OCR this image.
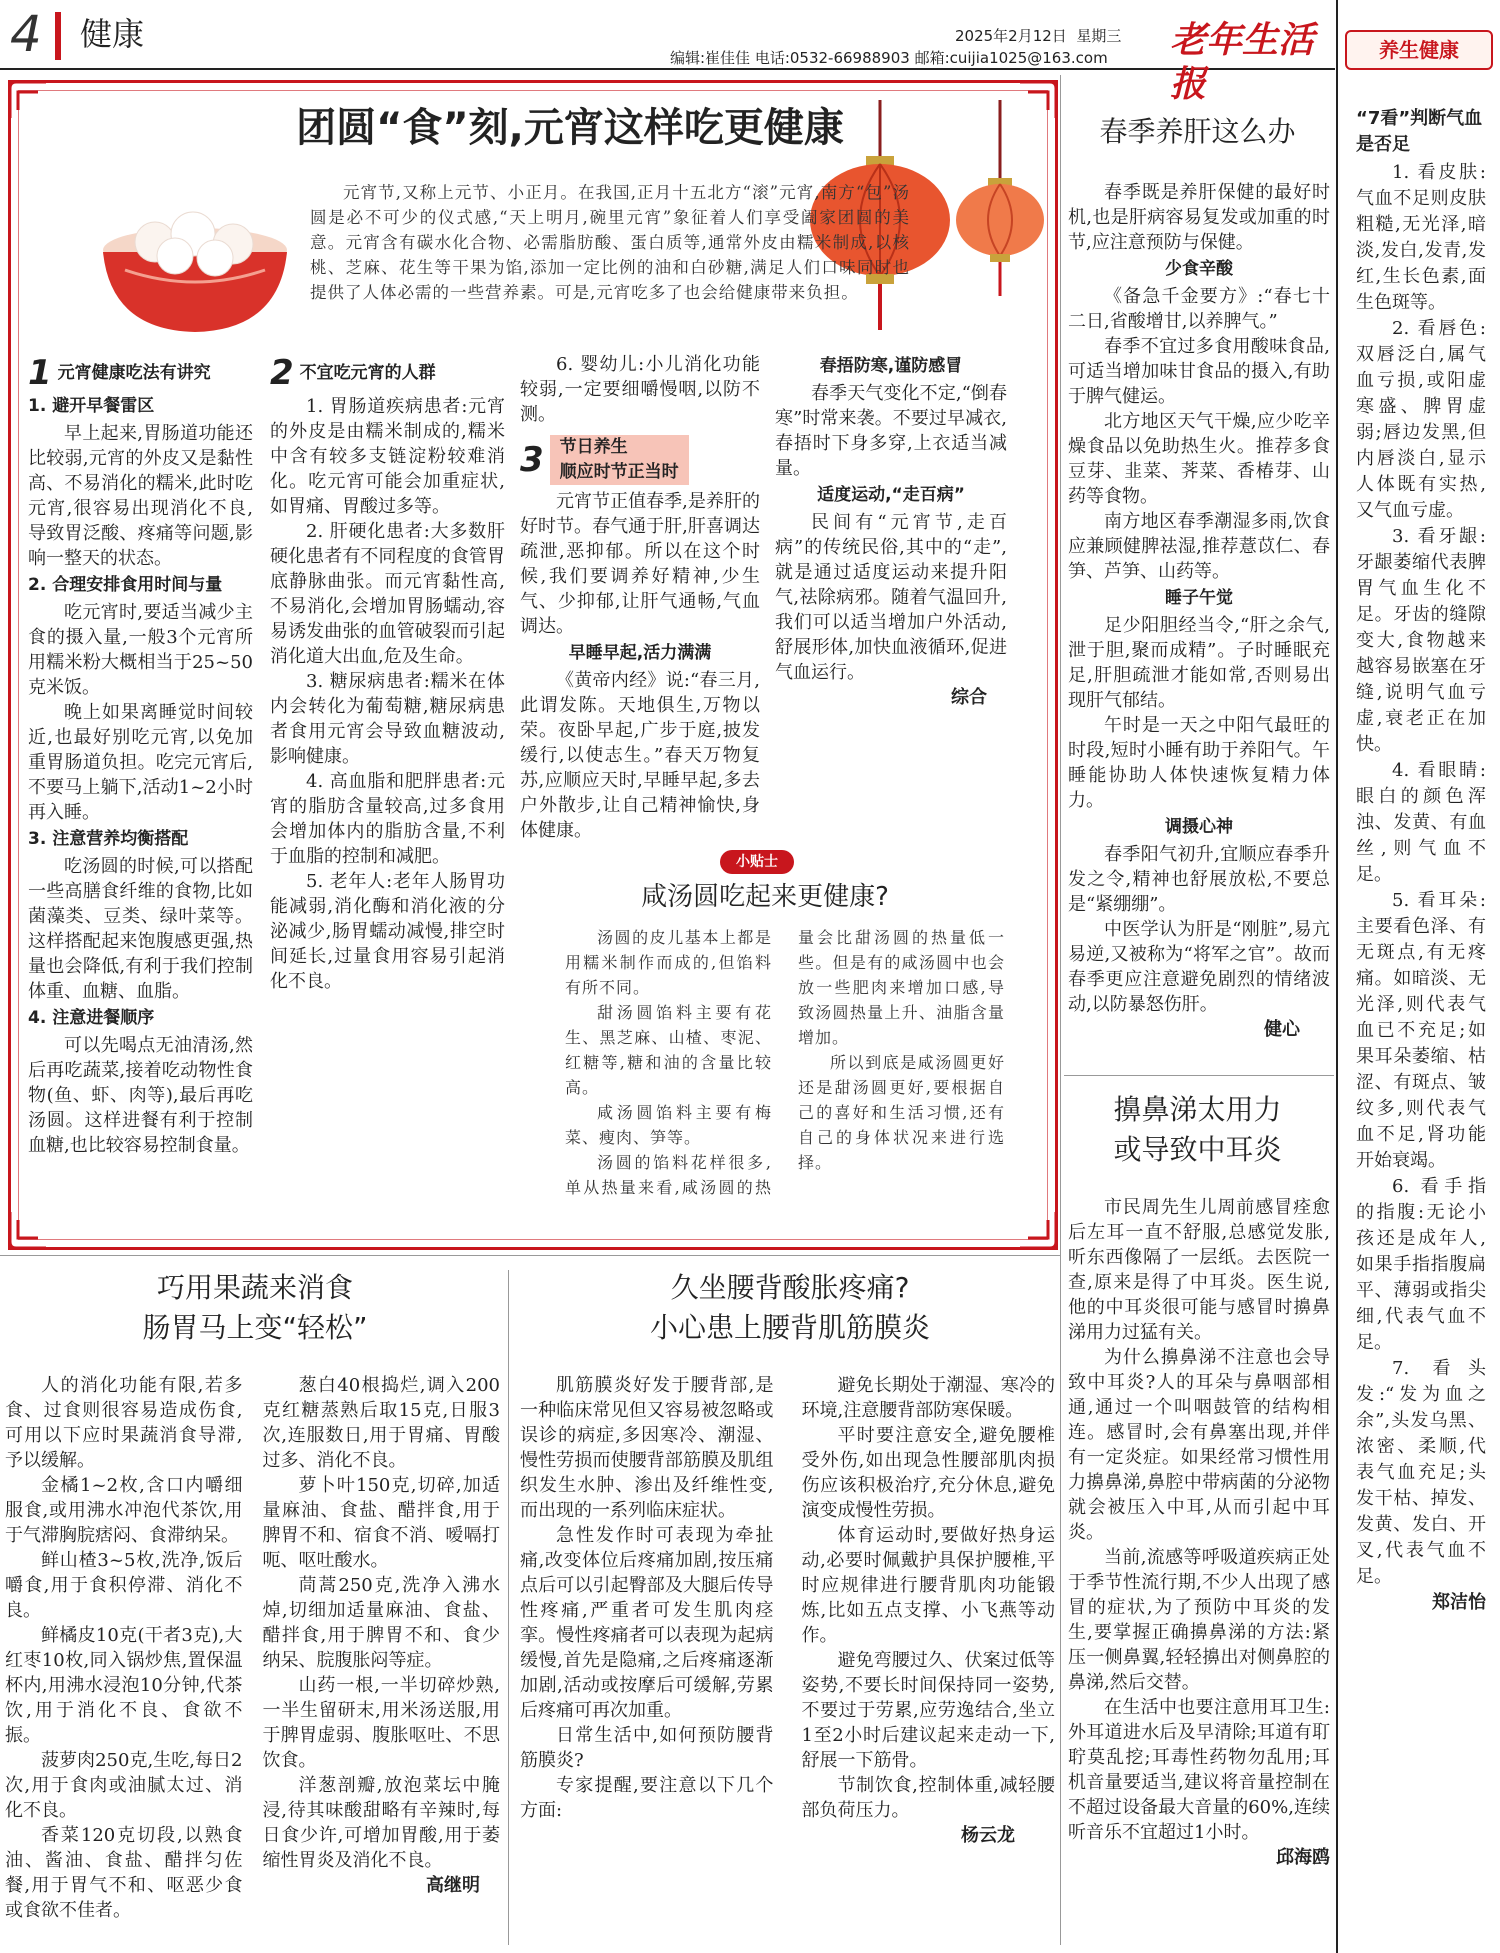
4 健康	2025年2月12日 星期三 老年生活报
编辑:崔佳佳 电话:0532-66988903 邮箱:cuijia1025@163.com	养生健康
“7看”判断气血是否足

1. 看皮肤:气血不足则皮肤粗糙,无光泽,暗淡,发白,发青,发红,生长色素,面生色斑等。

2. 看唇色:双唇泛白,属气血亏损,或阳虚寒盛、脾胃虚弱;唇边发黑,但内唇淡白,显示人体既有实热,又气血亏虚。

3. 看牙龈:牙龈萎缩代表脾胃气血生化不足。牙齿的缝隙变大,食物越来越容易嵌塞在牙缝,说明气血亏虚,衰老正在加快。

4. 看眼睛:眼白的颜色浑浊、发黄、有血丝,则气血不足。

5. 看耳朵:主要看色泽、有无斑点,有无疼痛。如暗淡、无光泽,则代表气血已不充足;如果耳朵萎缩、枯涩、有斑点、皱纹多,则代表气血不足,肾功能开始衰竭。

6. 看手指的指腹:无论小孩还是成年人,如果手指指腹扁平、薄弱或指尖细,代表气血不足。

7. 看头发:“发为血之余”,头发乌黑、浓密、柔顺,代表气血充足;头发干枯、掉发、发黄、发白、开叉,代表气血不足。

郑洁怡
团圆“食”刻,元宵这样吃更健康

元宵节,又称上元节、小正月。在我国,正月十五北方“滚”元宵,南方“包”汤圆是必不可少的仪式感,“天上明月,碗里元宵”象征着人们享受阖家团圆的美意。元宵含有碳水化合物、必需脂肪酸、蛋白质等,通常外皮由糯米制成,以核桃、芝麻、花生等干果为馅,添加一定比例的油和白砂糖,满足人们口味同时也提供了人体必需的一些营养素。可是,元宵吃多了也会给健康带来负担。

1 元宵健康吃法有讲究
1. 避开早餐雷区

早上起来,胃肠道功能还比较弱,元宵的外皮又是黏性高、不易消化的糯米,此时吃元宵,很容易出现消化不良,导致胃泛酸、疼痛等问题,影响一整天的状态。

2. 合理安排食用时间与量

吃元宵时,要适当减少主食的摄入量,一般3个元宵所用糯米粉大概相当于25~50克米饭。

晚上如果离睡觉时间较近,也最好别吃元宵,以免加重胃肠道负担。吃完元宵后,不要马上躺下,活动1~2小时再入睡。

3. 注意营养均衡搭配

吃汤圆的时候,可以搭配一些高膳食纤维的食物,比如菌藻类、豆类、绿叶菜等。这样搭配起来饱腹感更强,热量也会降低,有利于我们控制体重、血糖、血脂。

4. 注意进餐顺序

可以先喝点无油清汤,然后再吃蔬菜,接着吃动物性食物(鱼、虾、肉等),最后再吃汤圆。这样进餐有利于控制血糖,也比较容易控制食量。

2 不宜吃元宵的人群

1. 胃肠道疾病患者:元宵的外皮是由糯米制成的,糯米中含有较多支链淀粉较难消化。吃元宵可能会加重症状,如胃痛、胃酸过多等。

2. 肝硬化患者:大多数肝硬化患者有不同程度的食管胃底静脉曲张。而元宵黏性高,不易消化,会增加胃肠蠕动,容易诱发曲张的血管破裂而引起消化道大出血,危及生命。

3. 糖尿病患者:糯米在体内会转化为葡萄糖,糖尿病患者食用元宵会导致血糖波动,影响健康。

4. 高血脂和肥胖患者:元宵的脂肪含量较高,过多食用会增加体内的脂肪含量,不利于血脂的控制和减肥。

5. 老年人:老年人肠胃功能减弱,消化酶和消化液的分泌减少,肠胃蠕动减慢,排空时间延长,过量食用容易引起消化不良。

6. 婴幼儿:小儿消化功能较弱,一定要细嚼慢咽,以防不测。

3 节日养生
顺应时节正当时

元宵节正值春季,是养肝的好时节。春气通于肝,肝喜调达疏泄,恶抑郁。所以在这个时候,我们要调养好精神,少生气、少抑郁,让肝气通畅,气血调达。

早睡早起,活力满满

《黄帝内经》说:“春三月,此谓发陈。天地俱生,万物以荣。夜卧早起,广步于庭,披发缓行,以使志生。”春天万物复苏,应顺应天时,早睡早起,多去户外散步,让自己精神愉快,身体健康。

春捂防寒,谨防感冒

春季天气变化不定,“倒春寒”时常来袭。不要过早减衣,春捂时下身多穿,上衣适当减量。

适度运动,“走百病”

民间有“元宵节,走百病”的传统民俗,其中的“走”,就是通过适度运动来提升阳气,祛除病邪。随着气温回升,我们可以适当增加户外活动,舒展形体,加快血液循环,促进气血运行。

综合
小贴士
咸汤圆吃起来更健康?

汤圆的皮儿基本上都是用糯米制作而成的,但馅料有所不同。

甜汤圆馅料主要有花生、黑芝麻、山楂、枣泥、红糖等,糖和油的含量比较高。

咸汤圆馅料主要有梅菜、瘦肉、笋等。

汤圆的馅料花样很多,单从热量来看,咸汤圆的热量会比甜汤圆的热量低一些。但是有的咸汤圆中也会放一些肥肉来增加口感,导致汤圆热量上升、油脂含量增加。

所以到底是咸汤圆更好还是甜汤圆更好,要根据自己的喜好和生活习惯,还有自己的身体状况来进行选择。

春季养肝这么办

春季既是养肝保健的最好时机,也是肝病容易复发或加重的时节,应注意预防与保健。

少食辛酸

《备急千金要方》:“春七十二日,省酸增甘,以养脾气。”

春季不宜过多食用酸味食品,可适当增加味甘食品的摄入,有助于脾气健运。

北方地区天气干燥,应少吃辛燥食品以免助热生火。推荐多食豆芽、韭菜、荠菜、香椿芽、山药等食物。

南方地区春季潮湿多雨,饮食应兼顾健脾祛湿,推荐薏苡仁、春笋、芦笋、山药等。

睡子午觉

足少阳胆经当令,“肝之余气,泄于胆,聚而成精”。子时睡眠充足,肝胆疏泄才能如常,否则易出现肝气郁结。

午时是一天之中阳气最旺的时段,短时小睡有助于养阳气。午睡能协助人体快速恢复精力体力。

调摄心神

春季阳气初升,宜顺应春季升发之令,精神也舒展放松,不要总是“紧绷绷”。

中医学认为肝是“刚脏”,易亢易逆,又被称为“将军之官”。故而春季更应注意避免剧烈的情绪波动,以防暴怒伤肝。

健心
擤鼻涕太用力
或导致中耳炎

市民周先生儿周前感冒痊愈后左耳一直不舒服,总感觉发胀,听东西像隔了一层纸。去医院一查,原来是得了中耳炎。医生说,他的中耳炎很可能与感冒时擤鼻涕用力过猛有关。

为什么擤鼻涕不注意也会导致中耳炎?人的耳朵与鼻咽部相通,通过一个叫咽鼓管的结构相连。感冒时,会有鼻塞出现,并伴有一定炎症。如果经常习惯性用力擤鼻涕,鼻腔中带病菌的分泌物就会被压入中耳,从而引起中耳炎。

当前,流感等呼吸道疾病正处于季节性流行期,不少人出现了感冒的症状,为了预防中耳炎的发生,要掌握正确擤鼻涕的方法:紧压一侧鼻翼,轻轻擤出对侧鼻腔的鼻涕,然后交替。

在生活中也要注意用耳卫生:外耳道进水后及早清除;耳道有耵聍莫乱挖;耳毒性药物勿乱用;耳机音量要适当,建议将音量控制在不超过设备最大音量的60%,连续听音乐不宜超过1小时。

邱海鸥
巧用果蔬来消食
肠胃马上变“轻松”

人的消化功能有限,若多食、过食则很容易造成伤食,可用以下应时果蔬消食导滞,予以缓解。

金橘1~2枚,含口内嚼细服食,或用沸水冲泡代茶饮,用于气滞胸脘痞闷、食滞纳呆。

鲜山楂3~5枚,洗净,饭后嚼食,用于食积停滞、消化不良。

鲜橘皮10克(干者3克),大红枣10枚,同入锅炒焦,置保温杯内,用沸水浸泡10分钟,代茶饮,用于消化不良、食欲不振。

菠萝肉250克,生吃,每日2次,用于食肉或油腻太过、消化不良。

香菜120克切段,以熟食油、酱油、食盐、醋拌匀佐餐,用于胃气不和、呕恶少食或食欲不佳者。

葱白40根捣烂,调入200克红糖蒸熟后取15克,日服3次,连服数日,用于胃痛、胃酸过多、消化不良。

萝卜叶150克,切碎,加适量麻油、食盐、醋拌食,用于脾胃不和、宿食不消、嗳嗝打呃、呕吐酸水。

茼蒿250克,洗净入沸水焯,切细加适量麻油、食盐、醋拌食,用于脾胃不和、食少纳呆、脘腹胀闷等症。

山药一根,一半切碎炒熟,一半生留研末,用米汤送服,用于脾胃虚弱、腹胀呕吐、不思饮食。

洋葱剖瓣,放泡菜坛中腌浸,待其味酸甜略有辛辣时,每日食少许,可增加胃酸,用于萎缩性胃炎及消化不良。

高继明
久坐腰背酸胀疼痛?
小心患上腰背肌筋膜炎

肌筋膜炎好发于腰背部,是一种临床常见但又容易被忽略或误诊的病症,多因寒冷、潮湿、慢性劳损而使腰背部筋膜及肌组织发生水肿、渗出及纤维性变,而出现的一系列临床症状。

急性发作时可表现为牵扯痛,改变体位后疼痛加剧,按压痛点后可以引起臀部及大腿后传导性疼痛,严重者可发生肌肉痉挛。慢性疼痛者可以表现为起病缓慢,首先是隐痛,之后疼痛逐渐加剧,活动或按摩后可缓解,劳累后疼痛可再次加重。

日常生活中,如何预防腰背筋膜炎?

专家提醒,要注意以下几个方面:

避免长期处于潮湿、寒冷的环境,注意腰背部防寒保暖。

平时要注意安全,避免腰椎受外伤,如出现急性腰部肌肉损伤应该积极治疗,充分休息,避免演变成慢性劳损。

体育运动时,要做好热身运动,必要时佩戴护具保护腰椎,平时应规律进行腰背肌肉功能锻炼,比如五点支撑、小飞燕等动作。

避免弯腰过久、伏案过低等姿势,不要长时间保持同一姿势,不要过于劳累,应劳逸结合,坐立1至2小时后建议起来走动一下,舒展一下筋骨。

节制饮食,控制体重,减轻腰部负荷压力。

杨云龙
